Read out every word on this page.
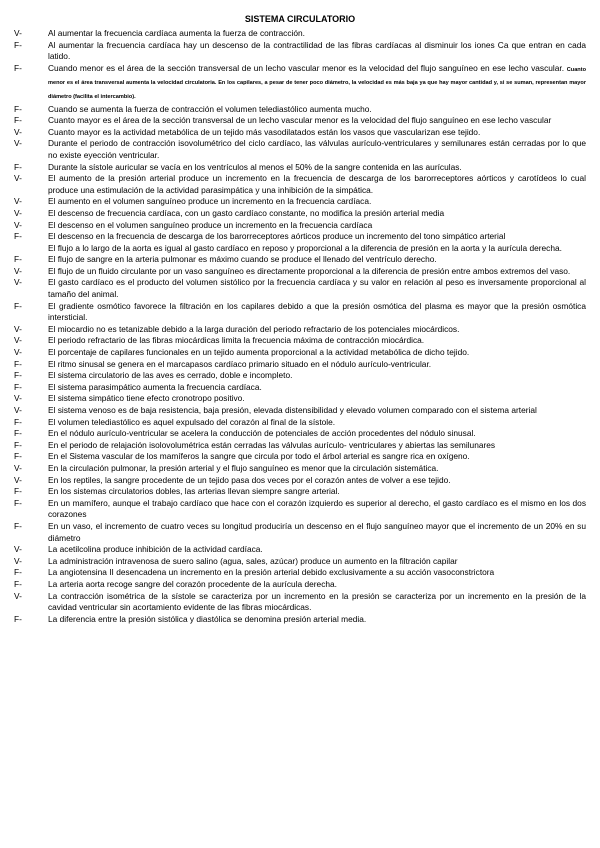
SISTEMA CIRCULATORIO
V-	Al aumentar la frecuencia cardíaca aumenta la fuerza de contracción.
F-	Al aumentar la frecuencia cardíaca hay un descenso de la contractilidad de las fibras cardíacas al disminuir los iones Ca que entran en cada latido.
F-	Cuando menor es el área de la sección transversal de un lecho vascular menor es la velocidad del flujo sanguíneo en ese lecho vascular. Cuanto menor es el área transversal aumenta la velocidad circulatoria. En los capilares, a pesar de tener poco diámetro, la velocidad es más baja ya que hay mayor cantidad y, si se suman, representan mayor diámetro (facilita el intercambio).
F-	Cuando se aumenta la fuerza de contracción el volumen telediastólico aumenta mucho.
F-	Cuanto mayor es el área de la sección transversal de un lecho vascular menor es la velocidad del flujo sanguíneo en ese lecho vascular
V-	Cuanto mayor es la actividad metabólica de un tejido más vasodilatados están los vasos que vascularizan ese tejido.
V-	Durante el periodo de contracción isovolumétrico del ciclo cardíaco, las válvulas aurículo-ventriculares y semilunares están cerradas por lo que no existe eyección ventricular.
F-	Durante la sístole auricular se vacía en los ventrículos al menos el 50% de la sangre contenida en las aurículas.
V-	El aumento de la presión arterial produce un incremento en la frecuencia de descarga de los barorreceptores aórticos y carotídeos lo cual produce una estimulación de la actividad parasimpática y una inhibición de la simpática.
V-	El aumento en el volumen sanguíneo produce un incremento en la frecuencia cardíaca.
V-	El descenso de frecuencia cardíaca, con un gasto cardíaco constante, no modifica la presión arterial media
V-	El descenso en el volumen sanguíneo produce un incremento en la frecuencia cardíaca
F-	El descenso en la frecuencia de descarga de los barorreceptores aórticos produce un incremento del tono simpático arterial
El flujo a lo largo de la aorta es igual al gasto cardíaco en reposo y proporcional a la diferencia de presión en la aorta y la aurícula derecha.
F-	El flujo de sangre en la arteria pulmonar es máximo cuando se produce el llenado del ventrículo derecho.
V-	El flujo de un fluido circulante por un vaso sanguíneo es directamente proporcional a la diferencia de presión entre ambos extremos del vaso.
V-	El gasto cardíaco es el producto del volumen sistólico por la frecuencia cardíaca y su valor en relación al peso es inversamente proporcional al tamaño del animal.
F-	El gradiente osmótico favorece la filtración en los capilares debido a que la presión osmótica del plasma es mayor que la presión osmótica intersticial.
V-	El miocardio no es tetanizable debido a la larga duración del periodo refractario de los potenciales miocárdicos.
V-	El periodo refractario de las fibras miocárdicas limita la frecuencia máxima de contracción miocárdica.
V-	El porcentaje de capilares funcionales en un tejido aumenta proporcional a la actividad metabólica de dicho tejido.
F-	El ritmo sinusal se genera en el marcapasos cardíaco primario situado en el nódulo aurículo-ventricular.
F-	El sistema circulatorio de las aves es cerrado, doble e incompleto.
F-	El sistema parasimpático aumenta la frecuencia cardíaca.
V-	El sistema simpático tiene efecto cronotropo positivo.
V-	El sistema venoso es de baja resistencia, baja presión, elevada distensibilidad y elevado volumen comparado con el sistema arterial
F-	El volumen telediastólico es aquel expulsado del corazón al final de la sístole.
F-	En el nódulo aurículo-ventricular se acelera la conducción de potenciales de acción procedentes del nódulo sinusal.
F-	En el periodo de relajación isolovolumétrica están cerradas las válvulas aurículo- ventriculares y abiertas las semilunares
F-	En el Sistema vascular de los mamíferos la sangre que circula por todo el árbol arterial es sangre rica en oxígeno.
V-	En la circulación pulmonar, la presión arterial y el flujo sanguíneo es menor que la circulación sistemática.
V-	En los reptiles, la sangre procedente de un tejido pasa dos veces por el corazón antes de volver a ese tejido.
F-	En los sistemas circulatorios dobles, las arterias llevan siempre sangre arterial.
F-	En un mamífero, aunque el trabajo cardíaco que hace con el corazón izquierdo es superior al derecho, el gasto cardíaco es el mismo en los dos corazones
F-	En un vaso, el incremento de cuatro veces su longitud produciría un descenso en el flujo sanguíneo mayor que el incremento de un 20% en su diámetro
V-	La acetilcolina produce inhibición de la actividad cardíaca.
V-	La administración intravenosa de suero salino (agua, sales, azúcar) produce un aumento en la filtración capilar
F-	La angiotensina II desencadena un incremento en la presión arterial debido exclusivamente a su acción vasoconstrictora
F-	La arteria aorta recoge sangre del corazón procedente de la aurícula derecha.
V-	La contracción isométrica de la sístole se caracteriza por un incremento en la presión se caracteriza por un incremento en la presión de la cavidad ventricular sin acortamiento evidente de las fibras miocárdicas.
F-	La diferencia entre la presión sistólica y diastólica se denomina presión arterial media.
